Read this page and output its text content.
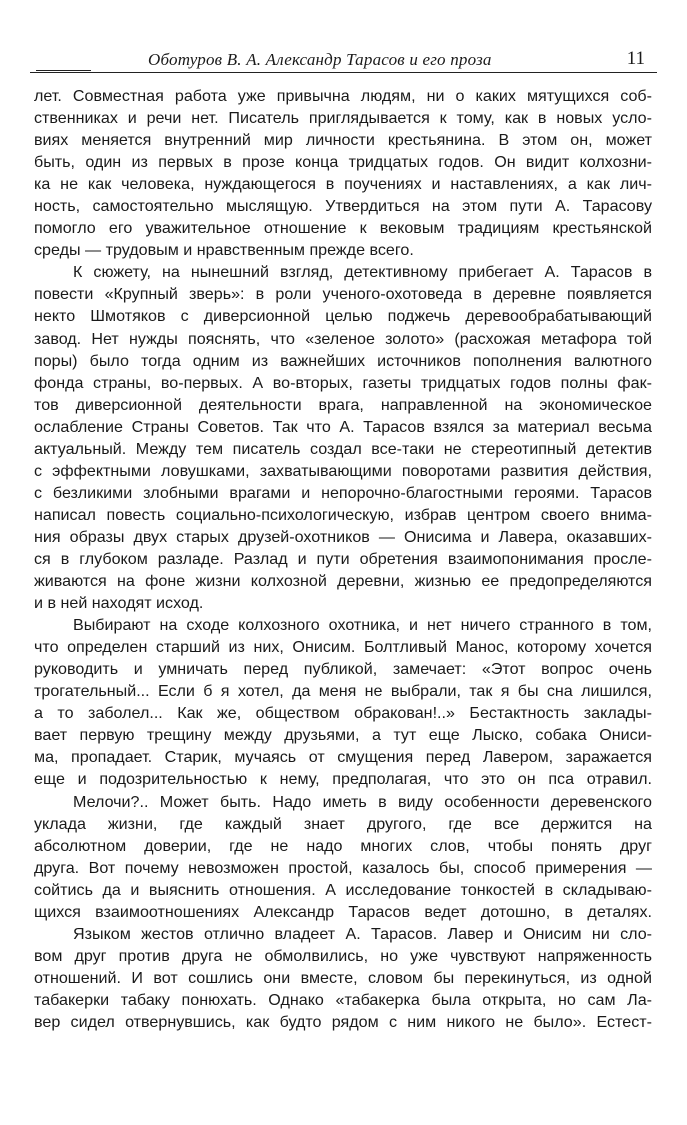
Оботуров В. А. Александр Тарасов и его проза	11
лет. Совместная работа уже привычна людям, ни о каких мятущихся соб-
ственниках и речи нет. Писатель приглядывается к тому, как в новых усло-
виях меняется внутренний мир личности крестьянина. В этом он, может
быть, один из первых в прозе конца тридцатых годов. Он видит колхозни-
ка не как человека, нуждающегося в поучениях и наставлениях, а как лич-
ность, самостоятельно мыслящую. Утвердиться на этом пути А. Тарасову
помогло его уважительное отношение к вековым традициям крестьянской
среды — трудовым и нравственным прежде всего.
К сюжету, на нынешний взгляд, детективному прибегает А. Тарасов в
повести «Крупный зверь»: в роли ученого-охотоведа в деревне появляется
некто Шмотяков с диверсионной целью поджечь деревообрабатывающий
завод. Нет нужды пояснять, что «зеленое золото» (расхожая метафора той
поры) было тогда одним из важнейших источников пополнения валютного
фонда страны, во-первых. А во-вторых, газеты тридцатых годов полны фак-
тов диверсионной деятельности врага, направленной на экономическое
ослабление Страны Советов. Так что А. Тарасов взялся за материал весьма
актуальный. Между тем писатель создал все-таки не стереотипный детектив
с эффектными ловушками, захватывающими поворотами развития действия,
с безликими злобными врагами и непорочно-благостными героями. Тарасов
написал повесть социально-психологическую, избрав центром своего внима-
ния образы двух старых друзей-охотников — Онисима и Лавера, оказавших-
ся в глубоком разладе. Разлад и пути обретения взаимопонимания просле-
живаются на фоне жизни колхозной деревни, жизнью ее предопределяются
и в ней находят исход.
Выбирают на сходе колхозного охотника, и нет ничего странного в том,
что определен старший из них, Онисим. Болтливый Манос, которому хочется
руководить и умничать перед публикой, замечает: «Этот вопрос очень
трогательный... Если б я хотел, да меня не выбрали, так я бы сна лишился,
а то заболел... Как же, обществом обракован!..» Бестактность заклады-
вает первую трещину между друзьями, а тут еще Лыско, собака Ониси-
ма, пропадает. Старик, мучаясь от смущения перед Лавером, заражается
еще и подозрительностью к нему, предполагая, что это он пса отравил.
Мелочи?.. Может быть. Надо иметь в виду особенности деревенского
уклада жизни, где каждый знает другого, где все держится на
абсолютном доверии, где не надо многих слов, чтобы понять друг
друга. Вот почему невозможен простой, казалось бы, способ примерения —
сойтись да и выяснить отношения. А исследование тонкостей в складываю-
щихся взаимоотношениях Александр Тарасов ведет дотошно, в деталях.
Языком жестов отлично владеет А. Тарасов. Лавер и Онисим ни сло-
вом друг против друга не обмолвились, но уже чувствуют напряженность
отношений. И вот сошлись они вместе, словом бы перекинуться, из одной
табакерки табаку понюхать. Однако «табакерка была открыта, но сам Ла-
вер сидел отвернувшись, как будто рядом с ним никого не было». Естест-
